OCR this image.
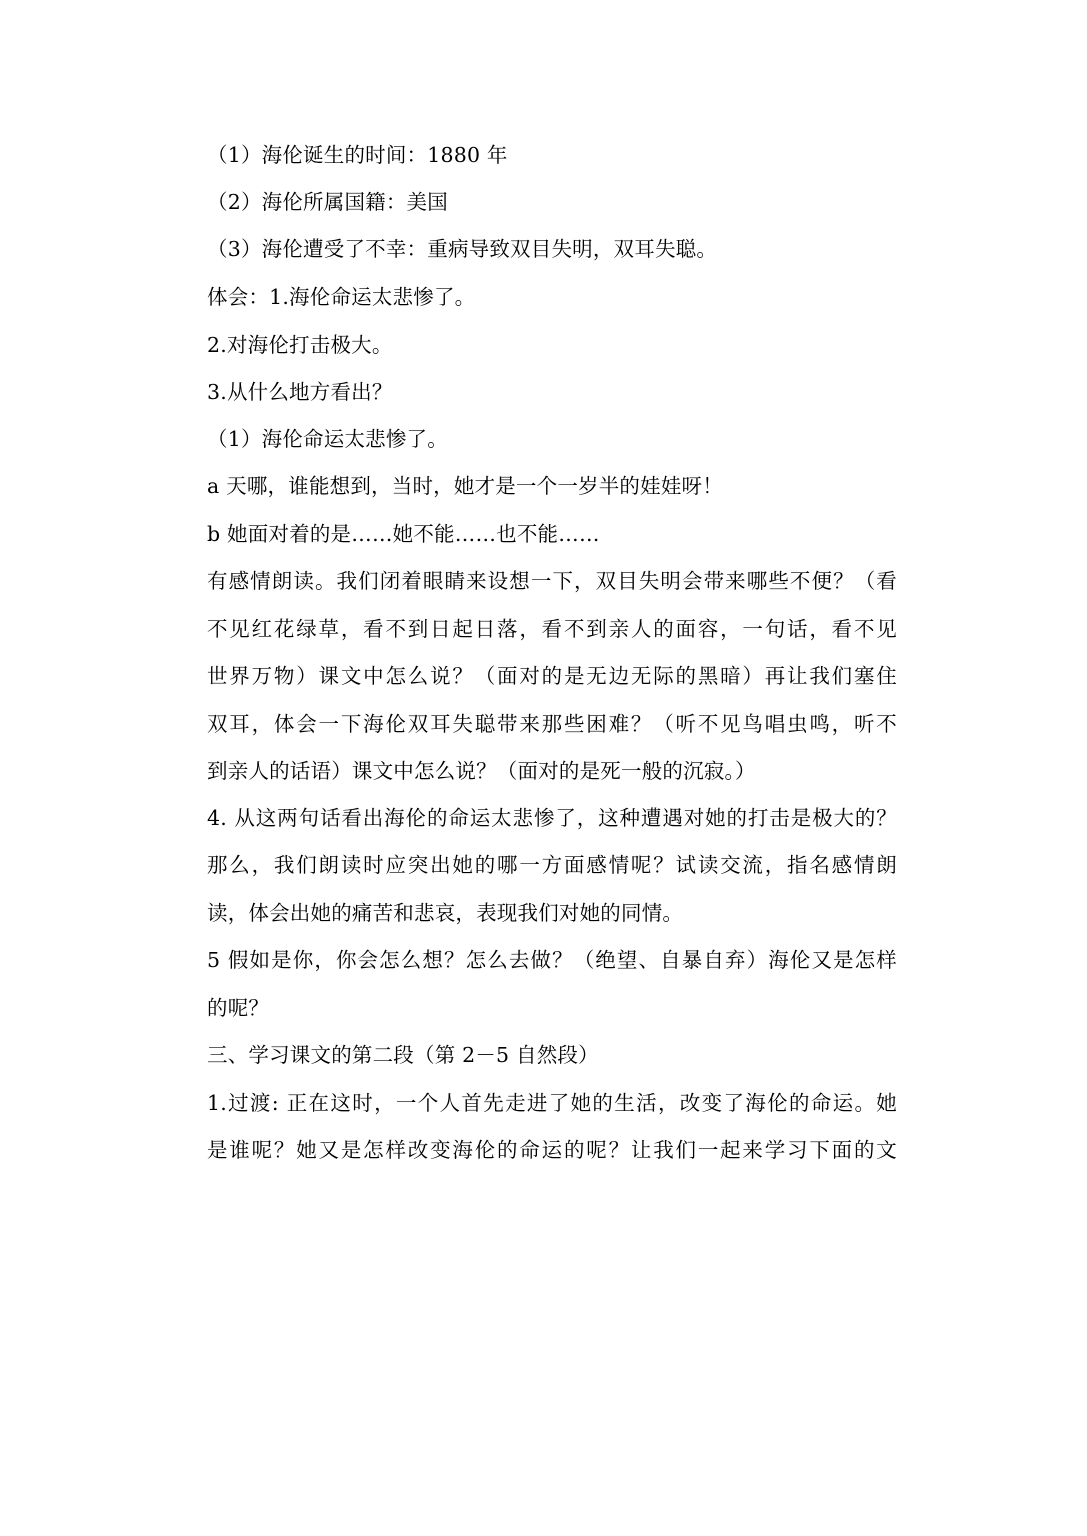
（1）海伦诞生的时间：1880 年
（2）海伦所属国籍：美国
（3）海伦遭受了不幸：重病导致双目失明，双耳失聪。
体会：1.海伦命运太悲惨了。
2.对海伦打击极大。
3.从什么地方看出？
（1）海伦命运太悲惨了。
a 天哪，谁能想到，当时，她才是一个一岁半的娃娃呀！
b 她面对着的是……她不能……也不能……
有感情朗读。我们闭着眼睛来设想一下，双目失明会带来哪些不便？（看
不见红花绿草，看不到日起日落，看不到亲人的面容，一句话，看不见
世界万物）课文中怎么说？（面对的是无边无际的黑暗）再让我们塞住
双耳，体会一下海伦双耳失聪带来那些困难？（听不见鸟唱虫鸣，听不
到亲人的话语）课文中怎么说？（面对的是死一般的沉寂。）
4. 从这两句话看出海伦的命运太悲惨了，这种遭遇对她的打击是极大的？
那么，我们朗读时应突出她的哪一方面感情呢？试读交流，指名感情朗
读，体会出她的痛苦和悲哀，表现我们对她的同情。
5 假如是你，你会怎么想？怎么去做？（绝望、自暴自弃）海伦又是怎样
的呢？
三、学习课文的第二段（第 2－5 自然段）
1.过渡: 正在这时，一个人首先走进了她的生活，改变了海伦的命运。她
是谁呢？她又是怎样改变海伦的命运的呢？让我们一起来学习下面的文
